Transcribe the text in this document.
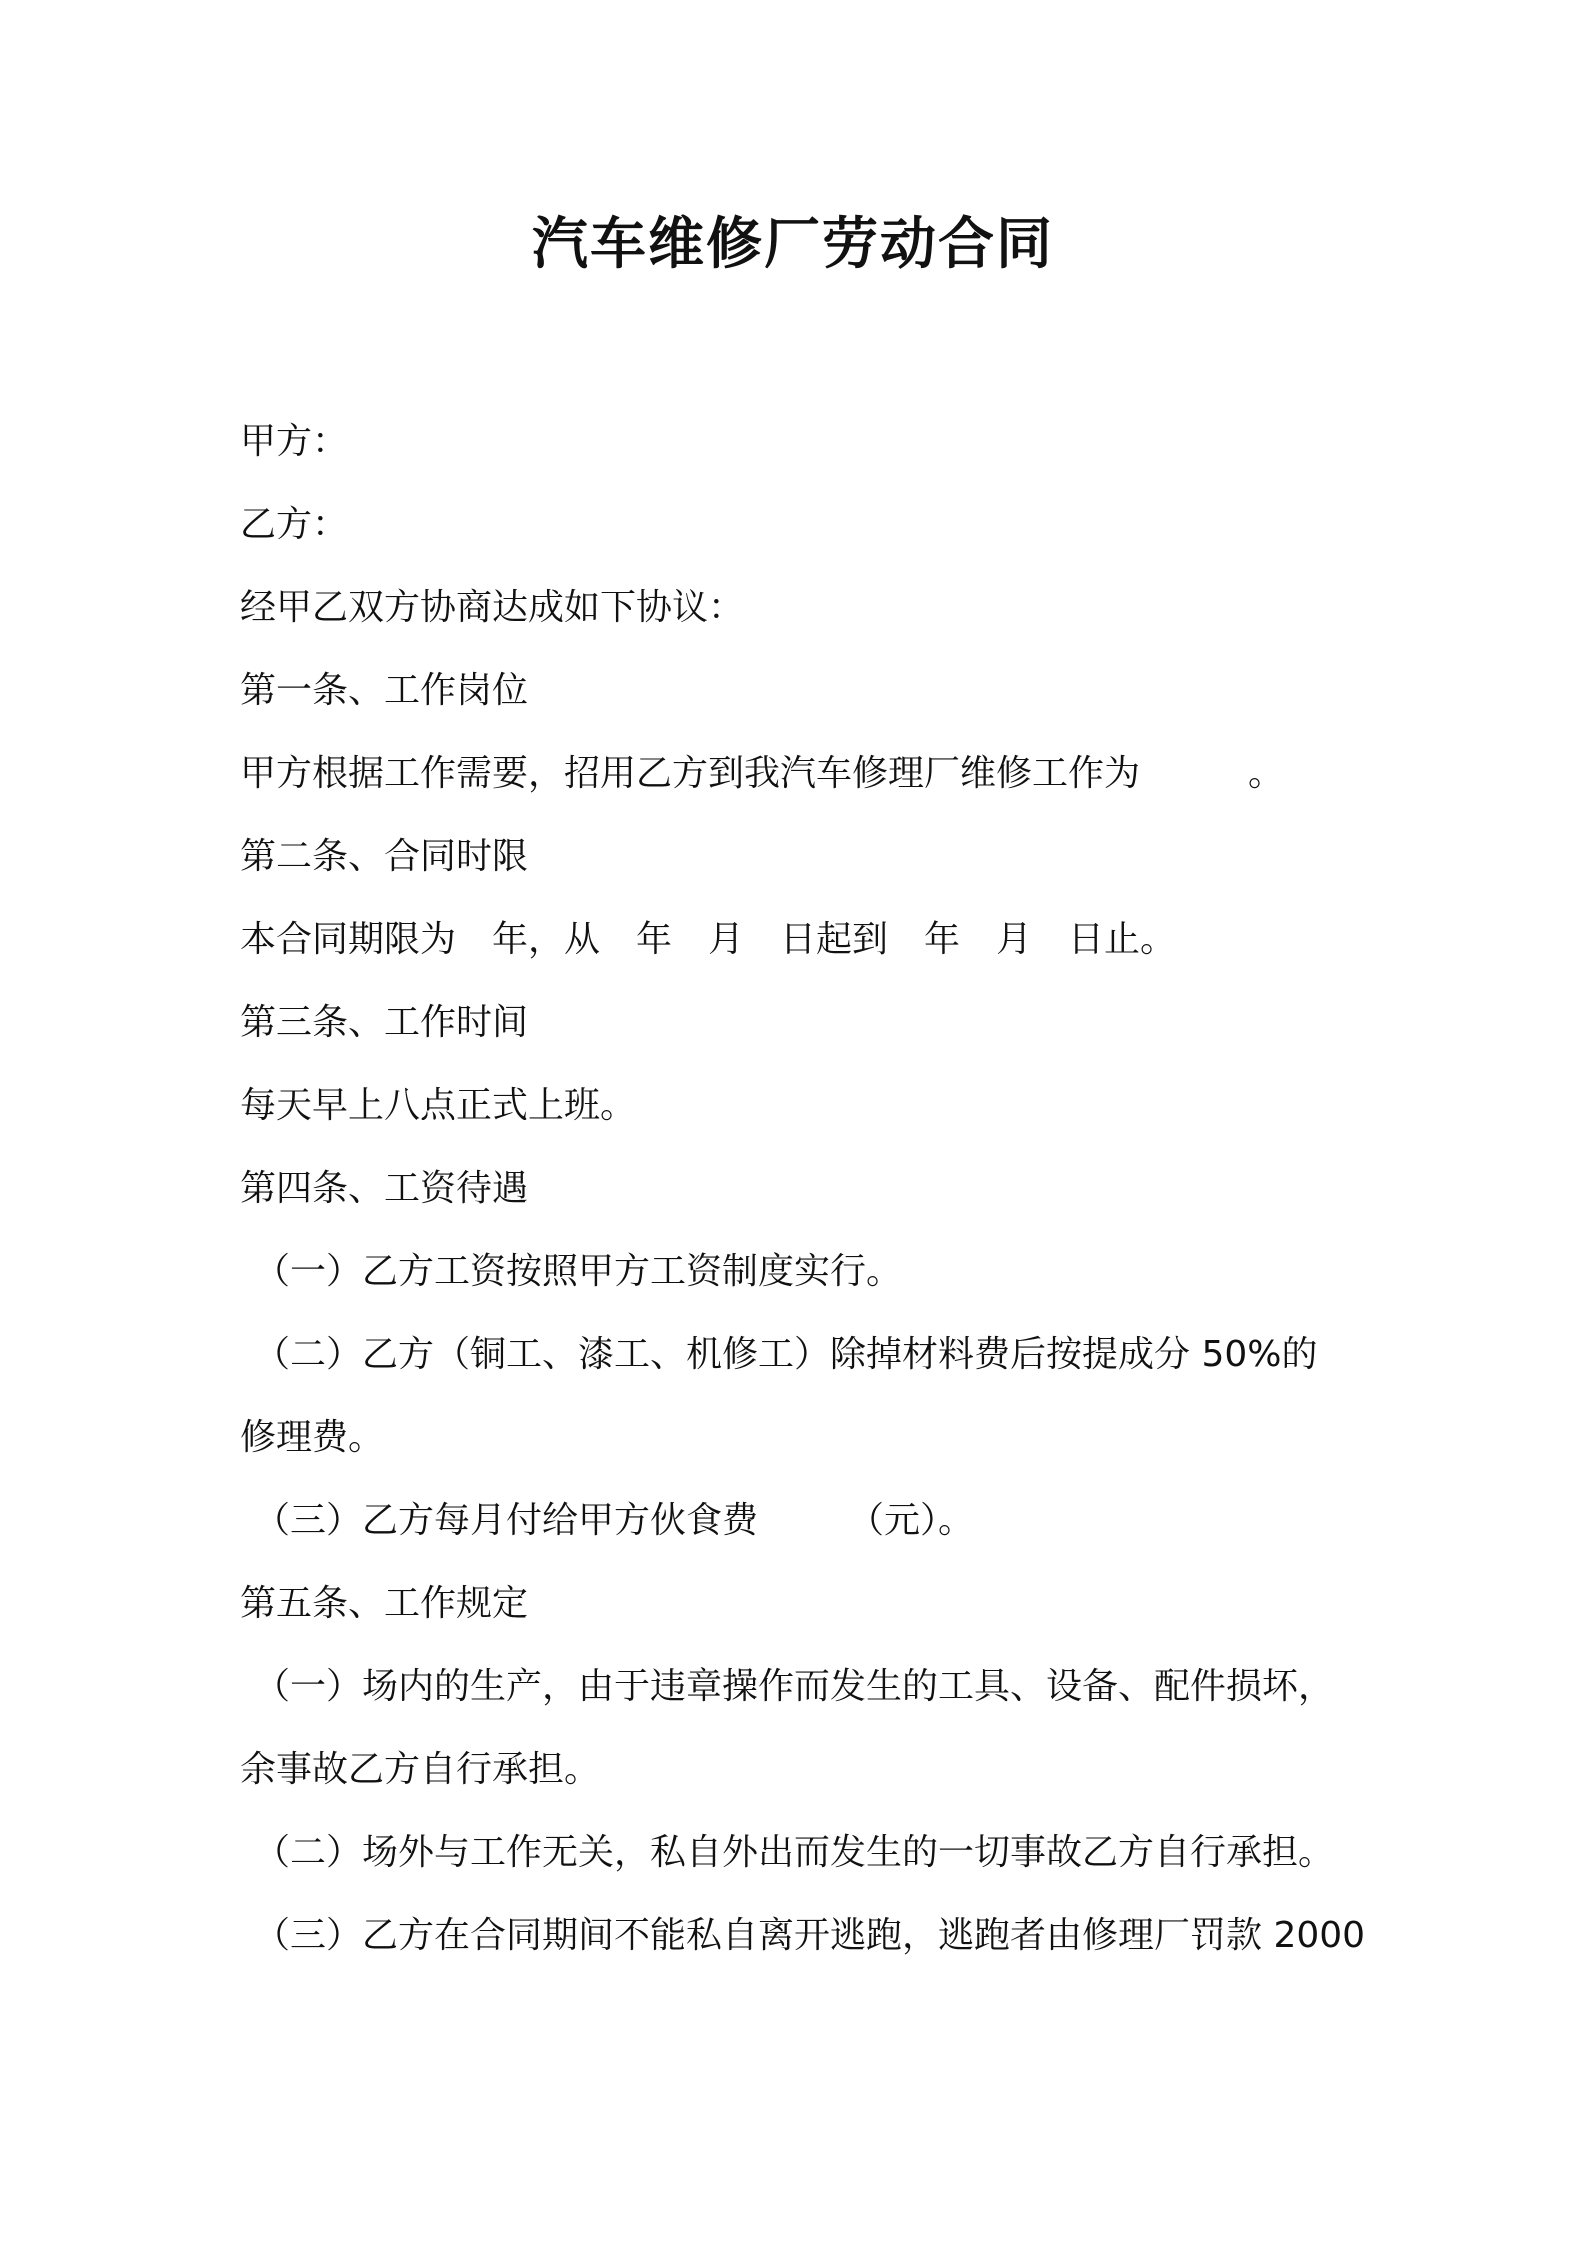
汽车维修厂劳动合同
甲方：
乙方：
经甲乙双方协商达成如下协议：
第一条、工作岗位
甲方根据工作需要，招用乙方到我汽车修理厂维修工作为　　　。
第二条、合同时限
本合同期限为　年，从　年　月　日起到　年　月　日止。
第三条、工作时间
每天早上八点正式上班。
第四条、工资待遇
（一）乙方工资按照甲方工资制度实行。
（二）乙方（铜工、漆工、机修工）除掉材料费后按提成分 50%的
修理费。
（三）乙方每月付给甲方伙食费　　　（元）。
第五条、工作规定
（一）场内的生产，由于违章操作而发生的工具、设备、配件损坏，
余事故乙方自行承担。
（二）场外与工作无关，私自外出而发生的一切事故乙方自行承担。
（三）乙方在合同期间不能私自离开逃跑，逃跑者由修理厂罚款 2000
